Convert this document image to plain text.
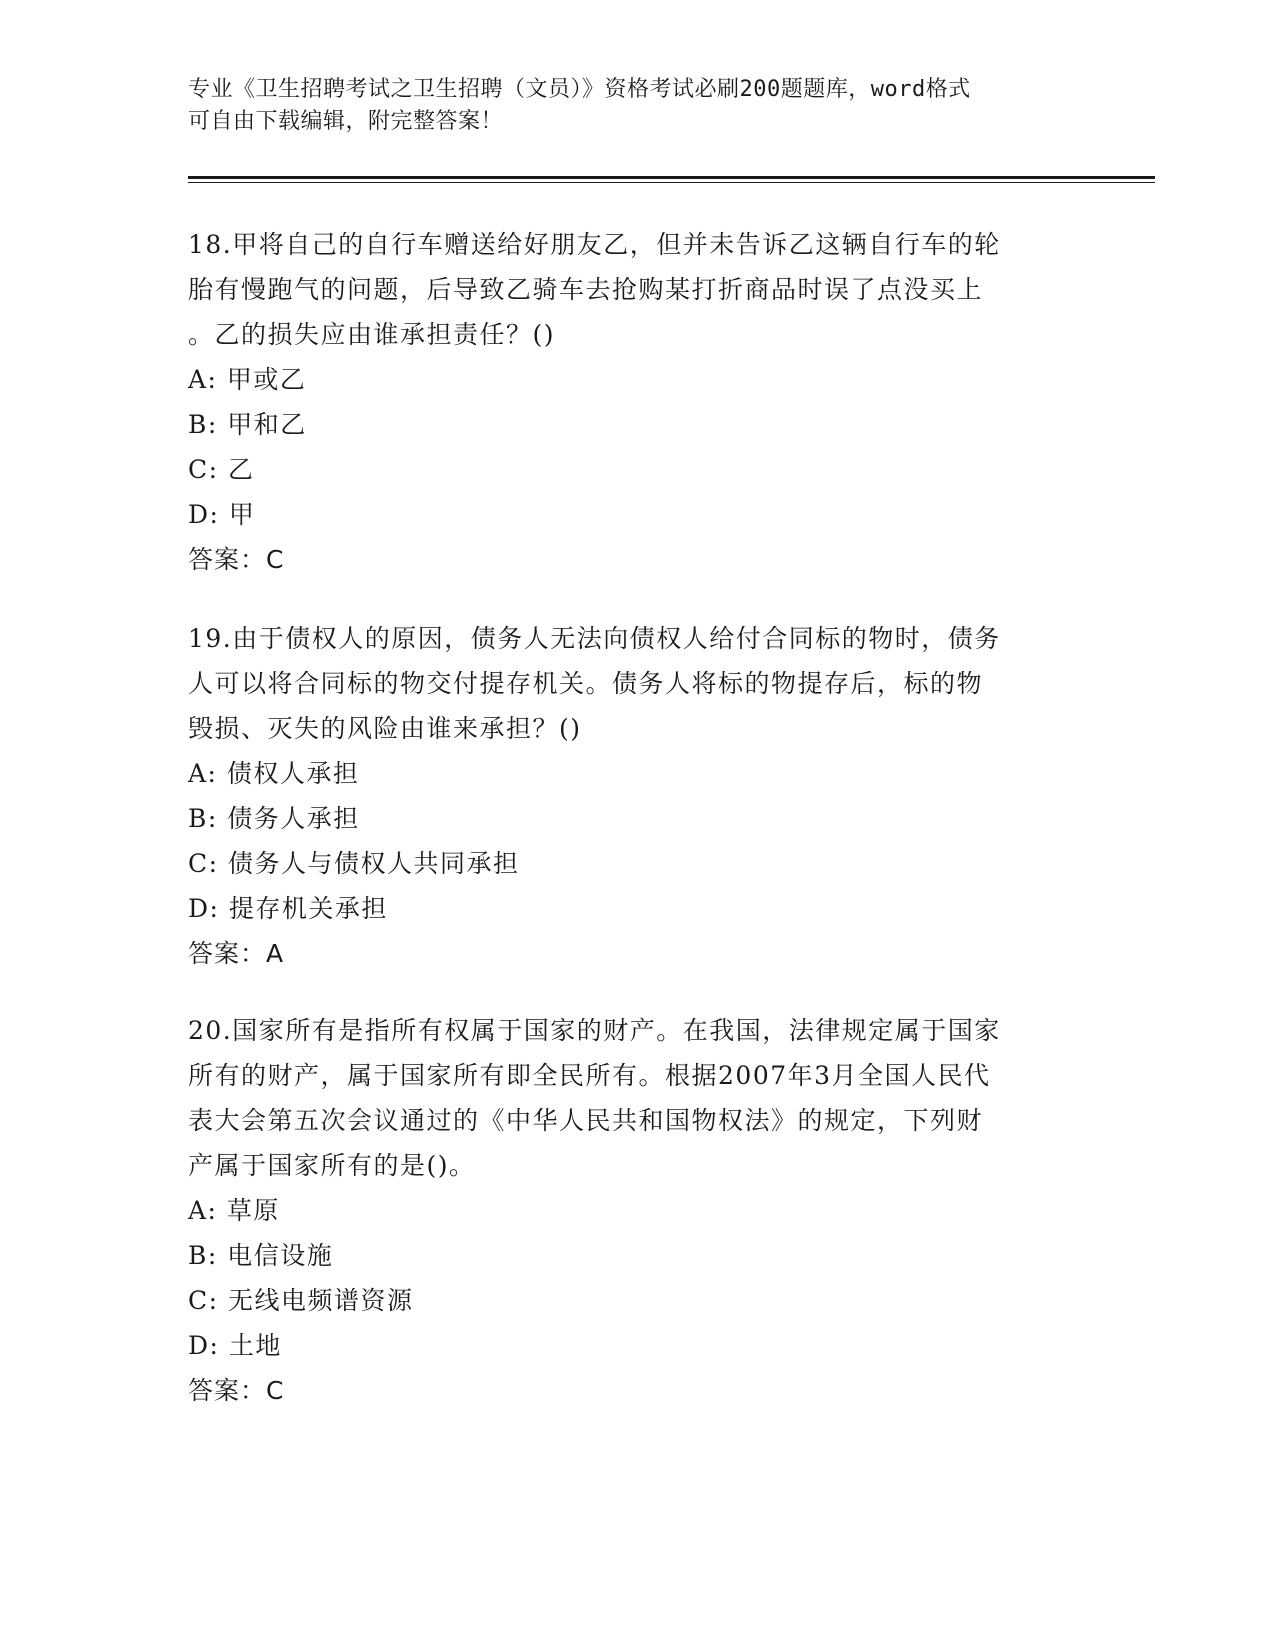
专业《卫生招聘考试之卫生招聘（文员）》资格考试必刷200题题库，word格式

可自由下载编辑，附完整答案！

18.甲将自己的自行车赠送给好朋友乙，但并未告诉乙这辆自行车的轮

胎有慢跑气的问题，后导致乙骑车去抢购某打折商品时误了点没买上

。乙的损失应由谁承担责任？()

A: 甲或乙

B: 甲和乙

C: 乙

D: 甲

答案：C

19.由于债权人的原因，债务人无法向债权人给付合同标的物时，债务

人可以将合同标的物交付提存机关。债务人将标的物提存后，标的物

毁损、灭失的风险由谁来承担？()

A: 债权人承担

B: 债务人承担

C: 债务人与债权人共同承担

D: 提存机关承担

答案：A

20.国家所有是指所有权属于国家的财产。在我国，法律规定属于国家

所有的财产，属于国家所有即全民所有。根据2007年3月全国人民代

表大会第五次会议通过的《中华人民共和国物权法》的规定，下列财

产属于国家所有的是()。

A: 草原

B: 电信设施

C: 无线电频谱资源

D: 土地

答案：C
